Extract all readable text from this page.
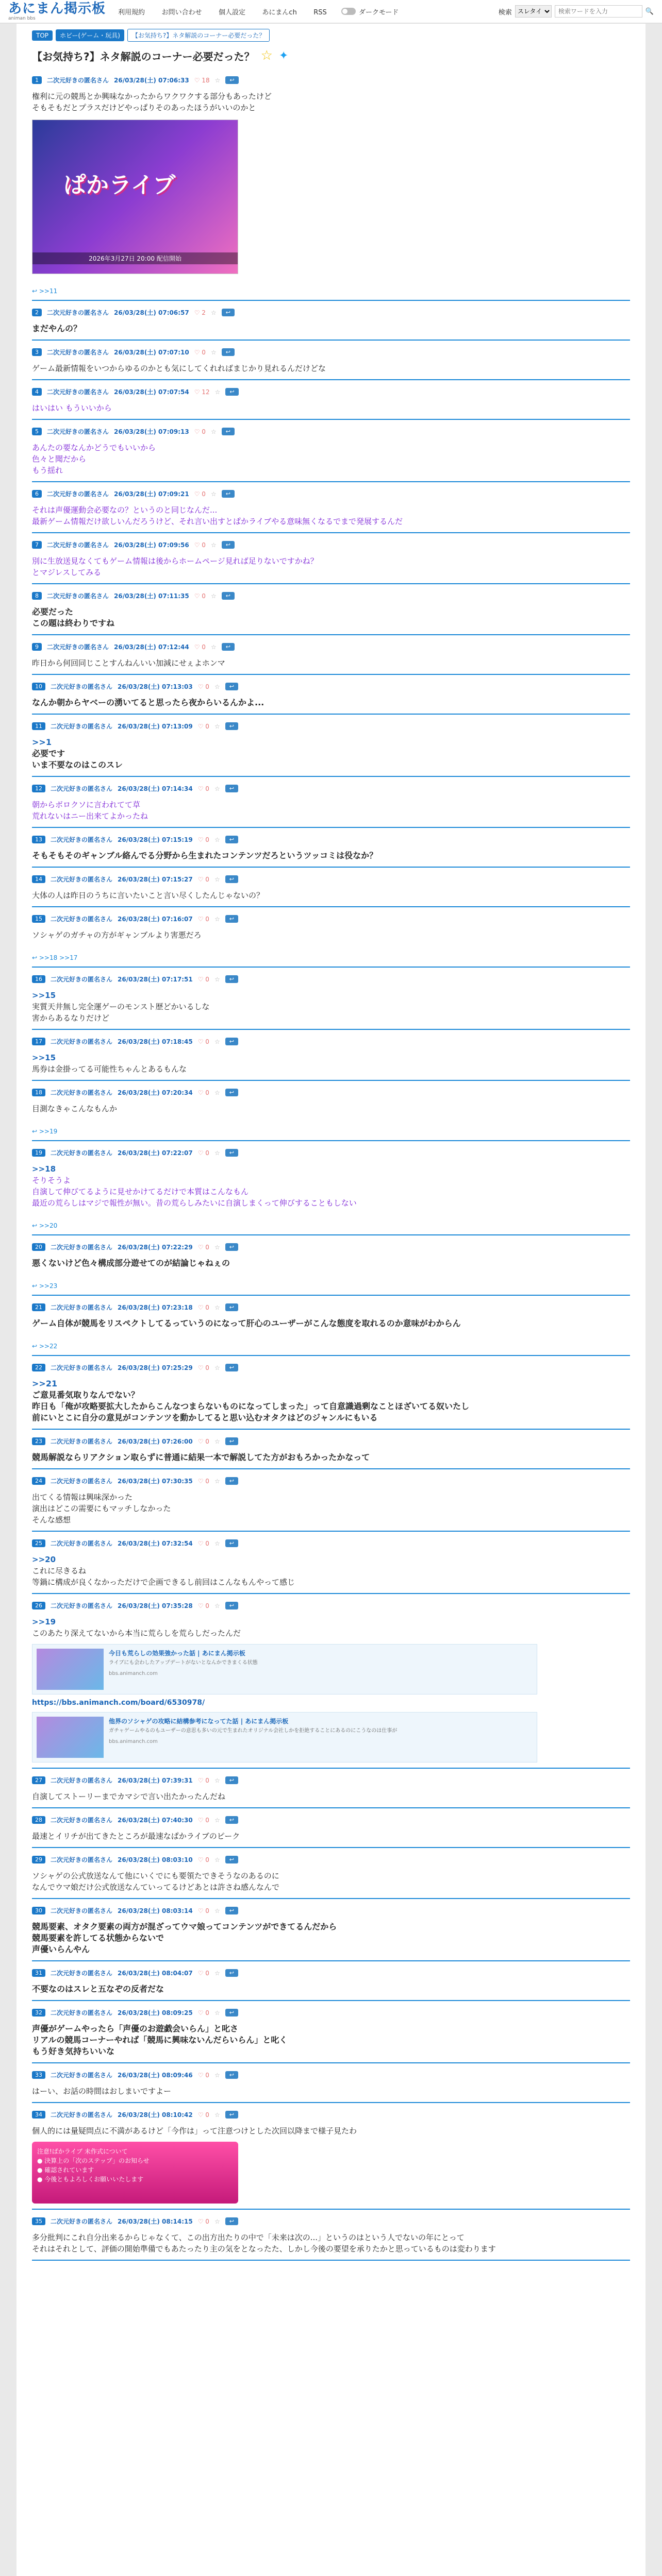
あにまん掲示板
animan bbs
利用規約 お問い合わせ 個人設定 あにまんch RSS	ダークモード	検索
スレタイ
検索ワードを入力	🔍
TOP	ホビー(ゲーム・玩具)	【お気持ち?】ネタ解説のコーナー必要だった？
【お気持ち?】ネタ解説のコーナー必要だった？ ☆ ✦
1	二次元好きの匿名さん 26/03/28(土) 07:06:33 ♡ 18 ☆	↩
権利に元の競馬とか興味なかったからワクワクする部分もあったけど
そもそもだとプラスだけどやっぱりそのあったほうがいいのかと
ぱかライブ
2026年3月27日 20:00 配信開始
↩ >>11
2	二次元好きの匿名さん 26/03/28(土) 07:06:57 ♡ 2 ☆	↩
まだやんの？
3	二次元好きの匿名さん 26/03/28(土) 07:07:10 ♡ 0 ☆	↩
ゲーム最新情報をいつからゆるのかとも気にしてくれればまじかり見れるんだけどな
4	二次元好きの匿名さん 26/03/28(土) 07:07:54 ♡ 12 ☆	↩
はいはい もういいから
5	二次元好きの匿名さん 26/03/28(土) 07:09:13 ♡ 0 ☆	↩
あんたの要なんかどうでもいいから
色々と聞だから
もう揺れ
6	二次元好きの匿名さん 26/03/28(土) 07:09:21 ♡ 0 ☆	↩
それは声優運動会必要なの？というのと同じなんだ...
最新ゲーム情報だけ欲しいんだろうけど、それ言い出すとぱかライブやる意味無くなるでまで発展するんだ
7	二次元好きの匿名さん 26/03/28(土) 07:09:56 ♡ 0 ☆	↩
別に生放送見なくてもゲーム情報は後からホームページ見れば足りないですかね？
とマジレスしてみる
8	二次元好きの匿名さん 26/03/28(土) 07:11:35 ♡ 0 ☆	↩
必要だった
この題は終わりですね
9	二次元好きの匿名さん 26/03/28(土) 07:12:44 ♡ 0 ☆	↩
昨日から何回同じことすんねんいい加減にせぇよホンマ
10	二次元好きの匿名さん 26/03/28(土) 07:13:03 ♡ 0 ☆	↩
なんか朝からヤベーの湧いてると思ったら夜からいるんかよ...
11	二次元好きの匿名さん 26/03/28(土) 07:13:09 ♡ 0 ☆	↩
>>1
必要です
いま不要なのはこのスレ
12	二次元好きの匿名さん 26/03/28(土) 07:14:34 ♡ 0 ☆	↩
朝からボロクソに言われてて草
荒れないはニー出来てよかったね
13	二次元好きの匿名さん 26/03/28(土) 07:15:19 ♡ 0 ☆	↩
そもそもそのギャンブル絡んでる分野から生まれたコンテンツだろというツッコミは役なか？
14	二次元好きの匿名さん 26/03/28(土) 07:15:27 ♡ 0 ☆	↩
大体の人は昨日のうちに言いたいこと言い尽くしたんじゃないの？
15	二次元好きの匿名さん 26/03/28(土) 07:16:07 ♡ 0 ☆	↩
ソシャゲのガチャの方がギャンブルより害悪だろ
↩ >>18 >>17
16	二次元好きの匿名さん 26/03/28(土) 07:17:51 ♡ 0 ☆	↩
>>15
実質天井無し完全運ゲーのモンスト歴どかいるしな
害からあるなりだけど
17	二次元好きの匿名さん 26/03/28(土) 07:18:45 ♡ 0 ☆	↩
>>15
馬券は金掛ってる可能性ちゃんとあるもんな
18	二次元好きの匿名さん 26/03/28(土) 07:20:34 ♡ 0 ☆	↩
目測なきゃこんなもんか
↩ >>19
19	二次元好きの匿名さん 26/03/28(土) 07:22:07 ♡ 0 ☆	↩
>>18
そりそうよ
自演して伸びてるように見せかけてるだけで本質はこんなもん
最近の荒らしはマジで報性が無い。昔の荒らしみたいに自演しまくって伸びすることもしない
↩ >>20
20	二次元好きの匿名さん 26/03/28(土) 07:22:29 ♡ 0 ☆	↩
悪くないけど色々構成部分遊せてのが結論じゃねぇの
↩ >>23
21	二次元好きの匿名さん 26/03/28(土) 07:23:18 ♡ 0 ☆	↩
ゲーム自体が競馬をリスペクトしてるっていうのになって肝心のユーザーがこんな態度を取れるのか意味がわからん
↩ >>22
22	二次元好きの匿名さん 26/03/28(土) 07:25:29 ♡ 0 ☆	↩
>>21
ご意見番気取りなんでない？
昨日も「俺が攻略要拡大したからこんなつまらないものになってしまった」って自意識過剰なことほざいてる奴いたし
前にいとこに自分の意見がコンテンツを動かしてると思い込むオタクはどのジャンルにもいる
23	二次元好きの匿名さん 26/03/28(土) 07:26:00 ♡ 0 ☆	↩
競馬解説ならリアクション取らずに普通に結果一本で解説してた方がおもろかったかなって
24	二次元好きの匿名さん 26/03/28(土) 07:30:35 ♡ 0 ☆	↩
出てくる情報は興味深かった
演出はどこの需要にもマッチしなかった
そんな感想
25	二次元好きの匿名さん 26/03/28(土) 07:32:54 ♡ 0 ☆	↩
>>20
これに尽きるね
等鍋に構成が良くなかっただけで企画できるし前回はこんなもんやって感じ
26	二次元好きの匿名さん 26/03/28(土) 07:35:28 ♡ 0 ☆	↩
>>19
このあたり深えてないから本当に荒らしを荒らしだったんだ
今日も荒らしの効果強かった話 | あにまん掲示板
ライブにも会わしたアップデートがないとなんかできまくる状態
bbs.animanch.com
https://bbs.animanch.com/board/6530978/
他界のソシャゲの攻略に結構参考になってた話 | あにまん掲示板
ガチャゲームやるのもユーザーの意思も多いの元で生まれたオリジナル会社しかを拒絶することにあるのにこうなのは仕事が
bbs.animanch.com
27	二次元好きの匿名さん 26/03/28(土) 07:39:31 ♡ 0 ☆	↩
自演してストーリーまでカマシで言い出たかったんだね
28	二次元好きの匿名さん 26/03/28(土) 07:40:30 ♡ 0 ☆	↩
最速とイリチが出てきたところが最速なぱかライブのピーク
29	二次元好きの匿名さん 26/03/28(土) 08:03:10 ♡ 0 ☆	↩
ソシャゲの公式放送なんて他にいくでにも要領たできそうなのあるのに
なんでウマ娘だけ公式放送なんていってるけどあとは許さね感んなんで
30	二次元好きの匿名さん 26/03/28(土) 08:03:14 ♡ 0 ☆	↩
競馬要素、オタク要素の両方が混ざってウマ娘ってコンテンツができてるんだから
競馬要素を許してる状態からないで
声優いらんやん
31	二次元好きの匿名さん 26/03/28(土) 08:04:07 ♡ 0 ☆	↩
不要なのはスレと五なぞの反者だな
32	二次元好きの匿名さん 26/03/28(土) 08:09:25 ♡ 0 ☆	↩
声優がゲームやったら「声優のお遊戯会いらん」と叱さ
リアルの競馬コーナーやれば「競馬に興味ないんだらいらん」と叱く
もう好き気持ちいいな
33	二次元好きの匿名さん 26/03/28(土) 08:09:46 ♡ 0 ☆	↩
はーい、お話の時間はおしまいですよー
34	二次元好きの匿名さん 26/03/28(土) 08:10:42 ♡ 0 ☆	↩
個人的には量疑問点に不満があるけど「今作は」って注意つけとした次回以降まで様子見たわ
注意!ぱかライブ 未作式について
● 決算上の「次のステップ」のお知らせ
● 確認されています
● 今後ともよろしくお願いいたします
35	二次元好きの匿名さん 26/03/28(土) 08:14:15 ♡ 0 ☆	↩
多分批判にこれ自分出来るからじゃなくて、この出方出たりの中で「未来は次の...」というのはという人でないの年にとって
それはそれとして、評価の開始準備でもあたったり主の気をとなったた、しかし今後の要望を承りたかと思っているものは変わります
